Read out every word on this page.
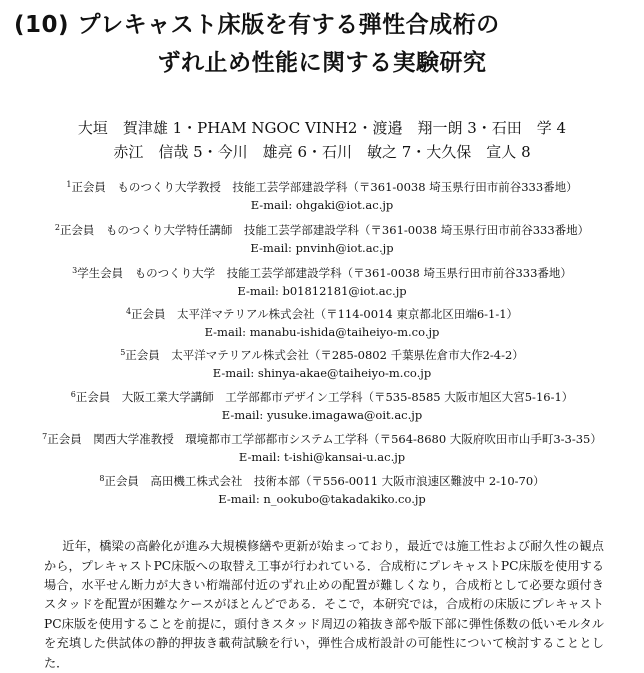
(10) プレキャスト床版を有する弾性合成桁の
ずれ止め性能に関する実験研究
大垣　賀津雄 1・PHAM NGOC VINH2・渡邉　翔一朗 3・石田　学 4
赤江　信哉 5・今川　雄亮 6・石川　敏之 7・大久保　宣人 8
$^1$正会員　ものつくり大学教授　技能工芸学部建設学科（〒361-0038 埼玉県行田市前谷333番地）
E-mail: ohgaki@iot.ac.jp
$^2$正会員　ものつくり大学特任講師　技能工芸学部建設学科（〒361-0038 埼玉県行田市前谷333番地）
E-mail: pnvinh@iot.ac.jp
$^3$学生会員　ものつくり大学　技能工芸学部建設学科（〒361-0038 埼玉県行田市前谷333番地）
E-mail: b01812181@iot.ac.jp
$^4$正会員　太平洋マテリアル株式会社（〒114-0014 東京都北区田端6-1-1）
E-mail: manabu-ishida@taiheiyo-m.co.jp
$^5$正会員　太平洋マテリアル株式会社（〒285-0802 千葉県佐倉市大作2-4-2）
E-mail: shinya-akae@taiheiyo-m.co.jp
$^6$正会員　大阪工業大学講師　工学部都市デザイン工学科（〒535-8585 大阪市旭区大宮5-16-1）
E-mail: yusuke.imagawa@oit.ac.jp
$^7$正会員　関西大学准教授　環境都市工学部都市システム工学科（〒564-8680 大阪府吹田市山手町3-3-35）
E-mail: t-ishi@kansai-u.ac.jp
$^8$正会員　高田機工株式会社　技術本部（〒556-0011 大阪市浪速区難波中 2-10-70）
E-mail: n_ookubo@takadakiko.co.jp

近年，橋梁の高齢化が進み大規模修繕や更新が始まっており，最近では施工性および耐久性の観点から，プレキャストPC床版への取替え工事が行われている．合成桁にプレキャストPC床版を使用する場合，水平せん断力が大きい桁端部付近のずれ止めの配置が難しくなり，合成桁として必要な頭付きスタッドを配置が困難なケースがほとんどである．そこで，本研究では，合成桁の床版にプレキャストPC床版を使用することを前提に，頭付きスタッド周辺の箱抜き部や版下部に弾性係数の低いモルタルを充填した供試体の静的押抜き載荷試験を行い，弾性合成桁設計の可能性について検討することとした．
